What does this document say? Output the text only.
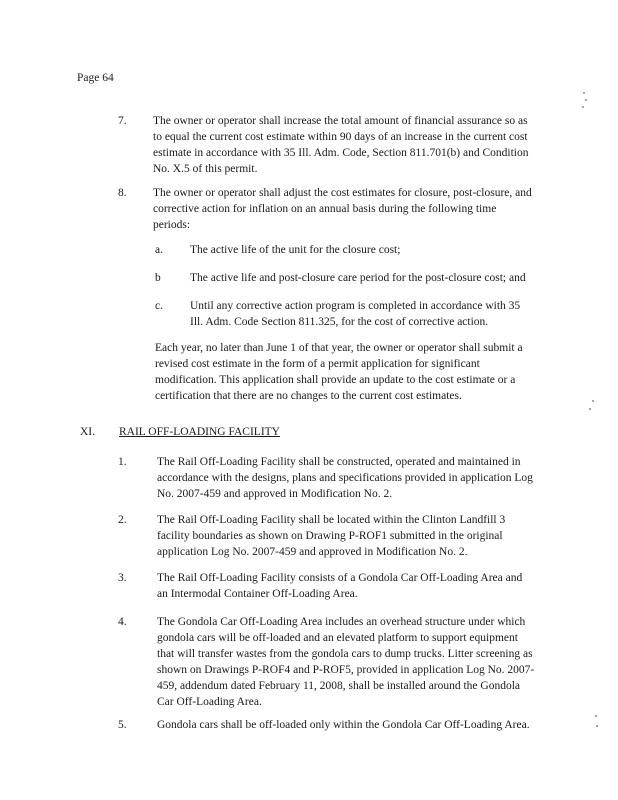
Page 64
7. The owner or operator shall increase the total amount of financial assurance so as
to equal the current cost estimate within 90 days of an increase in the current cost
estimate in accordance with 35 Ill. Adm. Code, Section 811.701(b) and Condition
No. X.5 of this permit.
8. The owner or operator shall adjust the cost estimates for closure, post-closure, and
corrective action for inflation on an annual basis during the following time
periods:
a. The active life of the unit for the closure cost;
b	The active life and post-closure care period for the post-closure cost; and
c. Until any corrective action program is completed in accordance with 35
Ill. Adm. Code Section 811.325, for the cost of corrective action.
Each year, no later than June 1 of that year, the owner or operator shall submit a
revised cost estimate in the form of a permit application for significant
modification. This application shall provide an update to the cost estimate or a
certification that there are no changes to the current cost estimates.
XI. RAIL OFF-LOADING FACILITY
1.	The Rail Off-Loading Facility shall be constructed, operated and maintained in
accordance with the designs, plans and specifications provided in application Log
No. 2007-459 and approved in Modification No. 2.
2.	The Rail Off-Loading Facility shall be located within the Clinton Landfill 3
facility boundaries as shown on Drawing P-ROF1 submitted in the original
application Log No. 2007-459 and approved in Modification No. 2.
3.	The Rail Off-Loading Facility consists of a Gondola Car Off-Loading Area and
an Intermodal Container Off-Loading Area.
4.	The Gondola Car Off-Loading Area includes an overhead structure under which
gondola cars will be off-loaded and an elevated platform to support equipment
that will transfer wastes from the gondola cars to dump trucks. Litter screening as
shown on Drawings P-ROF4 and P-ROF5, provided in application Log No. 2007-
459, addendum dated February 11, 2008, shall be installed around the Gondola
Car Off-Loading Area.
5.	Gondola cars shall be off-loaded only within the Gondola Car Off-Loading Area.
